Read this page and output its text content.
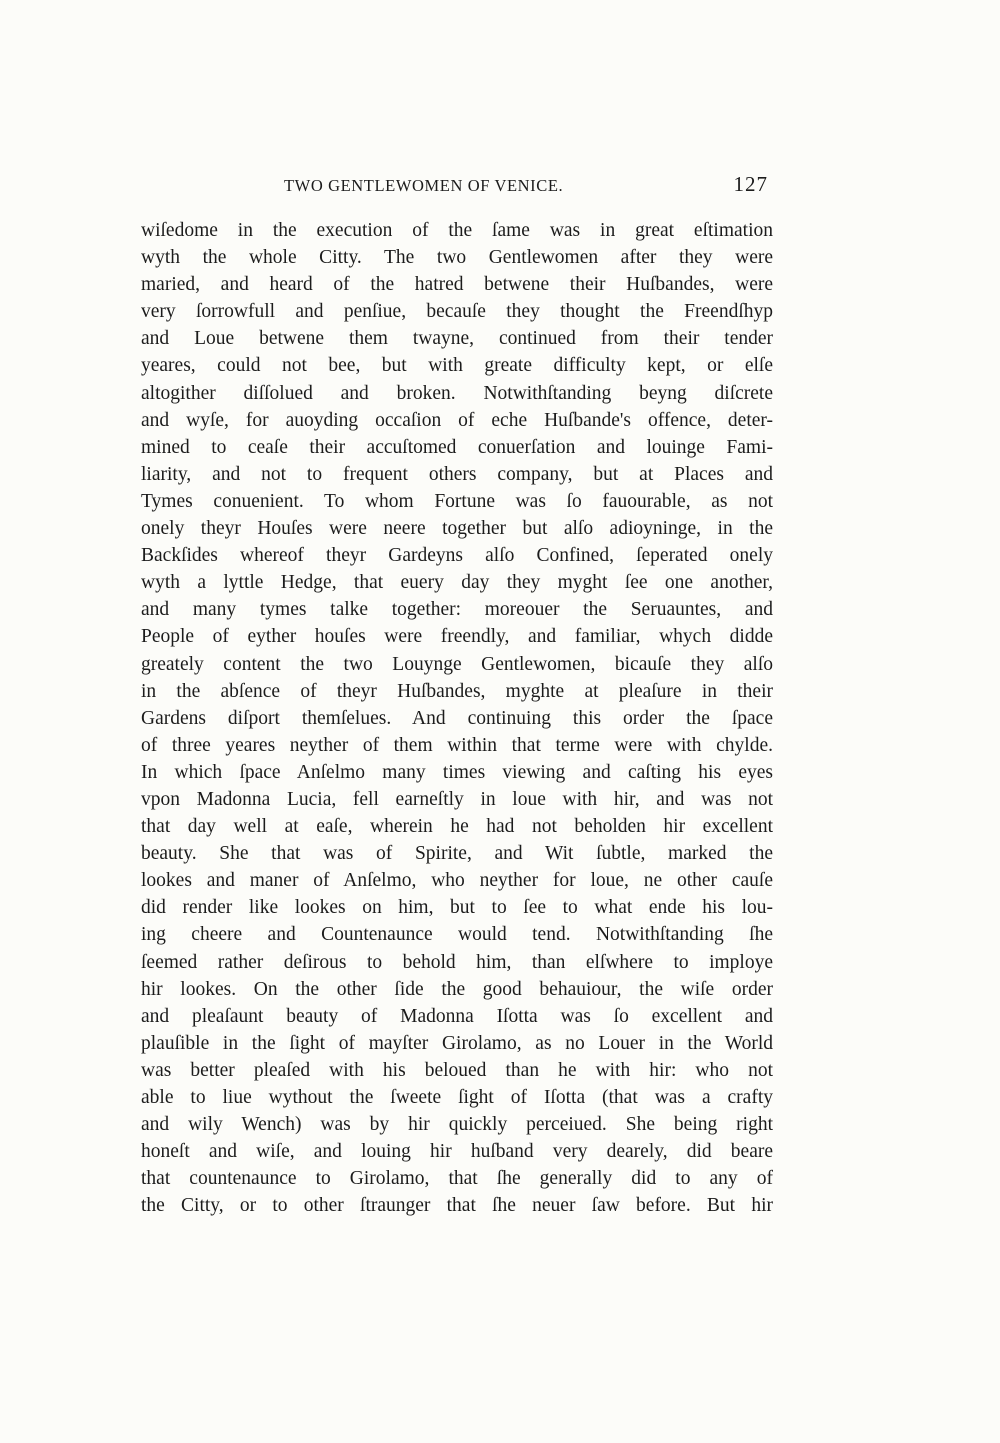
TWO GENTLEWOMEN OF VENICE.	127
wiſedome in the execution of the ſame was in great eſtimation
wyth the whole Citty. The two Gentlewomen after they were
maried, and heard of the hatred betwene their Huſbandes, were
very ſorrowfull and penſiue, becauſe they thought the Freendſhyp
and Loue betwene them twayne, continued from their tender
yeares, could not bee, but with greate difficulty kept, or elſe
altogither diſſolued and broken. Notwithſtanding beyng diſcrete
and wyſe, for auoyding occaſion of eche Huſbande's offence, deter-
mined to ceaſe their accuſtomed conuerſation and louinge Fami-
liarity, and not to frequent others company, but at Places and
Tymes conuenient. To whom Fortune was ſo fauourable, as not
onely theyr Houſes were neere together but alſo adioyninge, in the
Backſides whereof theyr Gardeyns alſo Confined, ſeperated onely
wyth a lyttle Hedge, that euery day they myght ſee one another,
and many tymes talke together: moreouer the Seruauntes, and
People of eyther houſes were freendly, and familiar, whych didde
greately content the two Louynge Gentlewomen, bicauſe they alſo
in the abſence of theyr Huſbandes, myghte at pleaſure in their
Gardens diſport themſelues. And continuing this order the ſpace
of three yeares neyther of them within that terme were with chylde.
In which ſpace Anſelmo many times viewing and caſting his eyes
vpon Madonna Lucia, fell earneſtly in loue with hir, and was not
that day well at eaſe, wherein he had not beholden hir excellent
beauty. She that was of Spirite, and Wit ſubtle, marked the
lookes and maner of Anſelmo, who neyther for loue, ne other cauſe
did render like lookes on him, but to ſee to what ende his lou-
ing cheere and Countenaunce would tend. Notwithſtanding ſhe
ſeemed rather deſirous to behold him, than elſwhere to imploye
hir lookes. On the other ſide the good behauiour, the wiſe order
and pleaſaunt beauty of Madonna Iſotta was ſo excellent and
plauſible in the ſight of mayſter Girolamo, as no Louer in the World
was better pleaſed with his beloued than he with hir: who not
able to liue wythout the ſweete ſight of Iſotta (that was a crafty
and wily Wench) was by hir quickly perceiued. She being right
honeſt and wiſe, and louing hir huſband very dearely, did beare
that countenaunce to Girolamo, that ſhe generally did to any of
the Citty, or to other ſtraunger that ſhe neuer ſaw before. But hir
